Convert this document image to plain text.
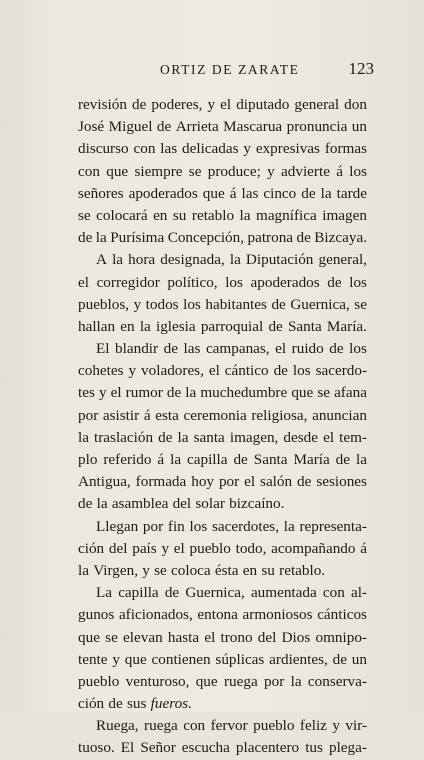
ORTIZ DE ZARATE	123
revisión de poderes, y el diputado general don
José Miguel de Arrieta Mascarua pronuncia un
discurso con las delicadas y expresivas formas
con que siempre se produce; y advierte á los
señores apoderados que á las cinco de la tarde
se colocará en su retablo la magnífica imagen
de la Purísima Concepción, patrona de Bizcaya.
A la hora designada, la Diputación general,
el corregidor político, los apoderados de los
pueblos, y todos los habitantes de Guernica, se
hallan en la iglesia parroquial de Santa María.
El blandir de las campanas, el ruido de los
cohetes y voladores, el cántico de los sacerdo-
tes y el rumor de la muchedumbre que se afana
por asistir á esta ceremonia religiosa, anuncian
la traslación de la santa imagen, desde el tem-
plo referido á la capilla de Santa María de la
Antigua, formada hoy por el salón de sesiones
de la asamblea del solar bizcaíno.
Llegan por fin los sacerdotes, la representa-
ción del país y el pueblo todo, acompañando á
la Virgen, y se coloca ésta en su retablo.
La capilla de Guernica, aumentada con al-
gunos aficionados, entona armoniosos cánticos
que se elevan hasta el trono del Dios omnipo-
tente y que contienen súplicas ardientes, de un
pueblo venturoso, que ruega por la conserva-
ción de sus fueros.
Ruega, ruega con fervor pueblo feliz y vir-
tuoso. El Señor escucha placentero tus plega-
